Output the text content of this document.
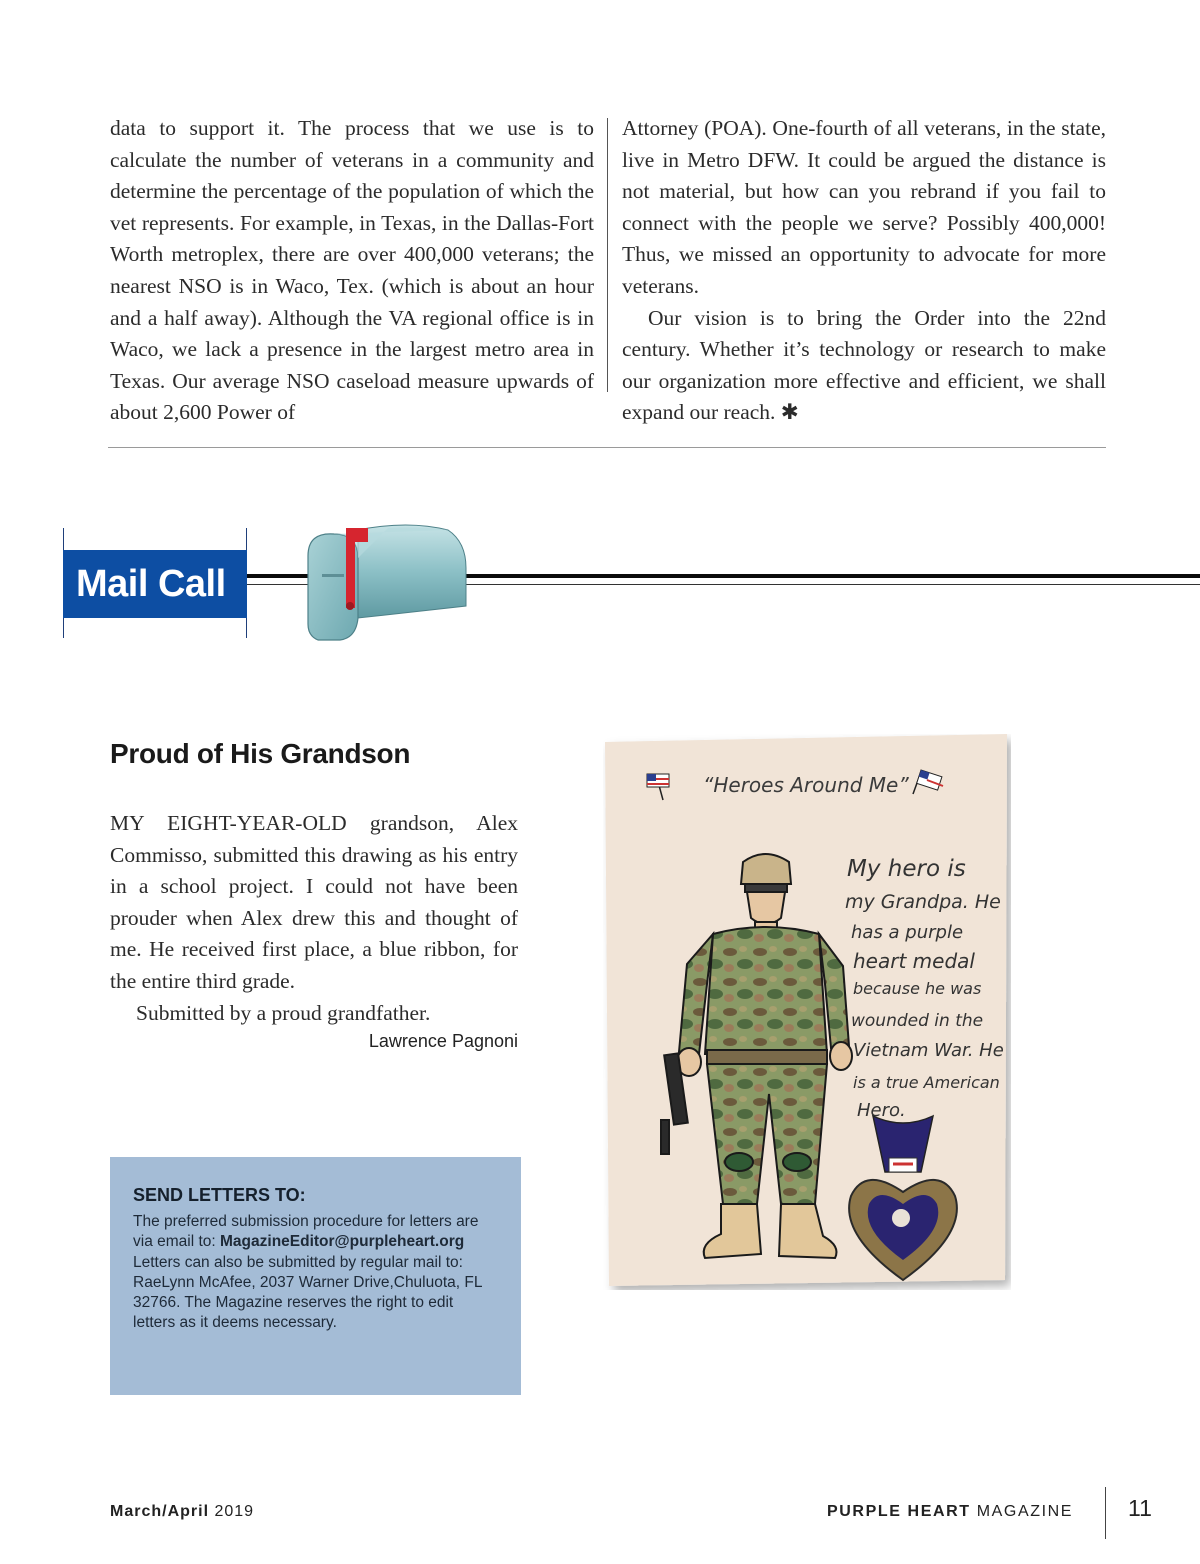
data to support it. The process that we use is to calculate the number of veterans in a community and determine the percentage of the population of which the vet represents. For example, in Texas, in the Dallas-Fort Worth metroplex, there are over 400,000 veterans; the nearest NSO is in Waco, Tex. (which is about an hour and a half away). Although the VA regional office is in Waco, we lack a presence in the largest metro area in Texas. Our average NSO caseload measure upwards of about 2,600 Power of

Attorney (POA). One-fourth of all veterans, in the state, live in Metro DFW. It could be argued the distance is not material, but how can you rebrand if you fail to connect with the people we serve? Possibly 400,000! Thus, we missed an opportunity to advocate for more veterans.

Our vision is to bring the Order into the 22nd century. Whether it’s technology or research to make our organization more effective and efficient, we shall expand our reach. ✱

Mail Call
Proud of His Grandson

MY EIGHT-YEAR-OLD grandson, Alex Commisso, submitted this drawing as his entry in a school project. I could not have been prouder when Alex drew this and thought of me. He received first place, a blue ribbon, for the entire third grade.

Submitted by a proud grandfather.

Lawrence Pagnoni

SEND LETTERS TO:

The preferred submission procedure for letters are via email to: MagazineEditor@purpleheart.org Letters can also be submitted by regular mail to: RaeLynn McAfee, 2037 Warner Drive,Chuluota, FL 32766. The Magazine reserves the right to edit letters as it deems necessary.

“Heroes Around Me”
My hero is
my Grandpa. He
has a purple
heart medal
because he was
wounded in the
Vietnam War. He
is a true American
Hero.
March/April 2019	PURPLE HEART MAGAZINE 11
